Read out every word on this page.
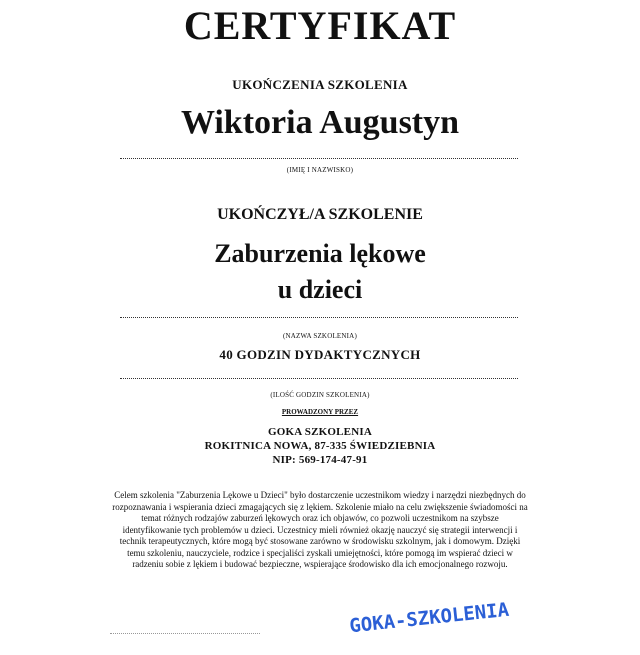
CERTYFIKAT
UKOŃCZENIA SZKOLENIA
Wiktoria Augustyn
(IMIĘ I NAZWISKO)
UKOŃCZYŁ/A SZKOLENIE
Zaburzenia lękowe
u dzieci
(NAZWA SZKOLENIA)
40 GODZIN DYDAKTYCZNYCH
(ILOŚĆ GODZIN SZKOLENIA)
PROWADZONY PRZEZ
GOKA SZKOLENIA
ROKITNICA NOWA, 87-335 ŚWIEDZIEBNIA
NIP: 569-174-47-91
Celem szkolenia "Zaburzenia Lękowe u Dzieci" było dostarczenie uczestnikom wiedzy i narzędzi niezbędnych do rozpoznawania i wspierania dzieci zmagających się z lękiem. Szkolenie miało na celu zwiększenie świadomości na temat różnych rodzajów zaburzeń lękowych oraz ich objawów, co pozwoli uczestnikom na szybsze identyfikowanie tych problemów u dzieci. Uczestnicy mieli również okazję nauczyć się strategii interwencji i technik terapeutycznych, które mogą być stosowane zarówno w środowisku szkolnym, jak i domowym. Dzięki temu szkoleniu, nauczyciele, rodzice i specjaliści zyskali umiejętności, które pomogą im wspierać dzieci w radzeniu sobie z lękiem i budować bezpieczne, wspierające środowisko dla ich emocjonalnego rozwoju.
GOKA-SZKOLENIA
